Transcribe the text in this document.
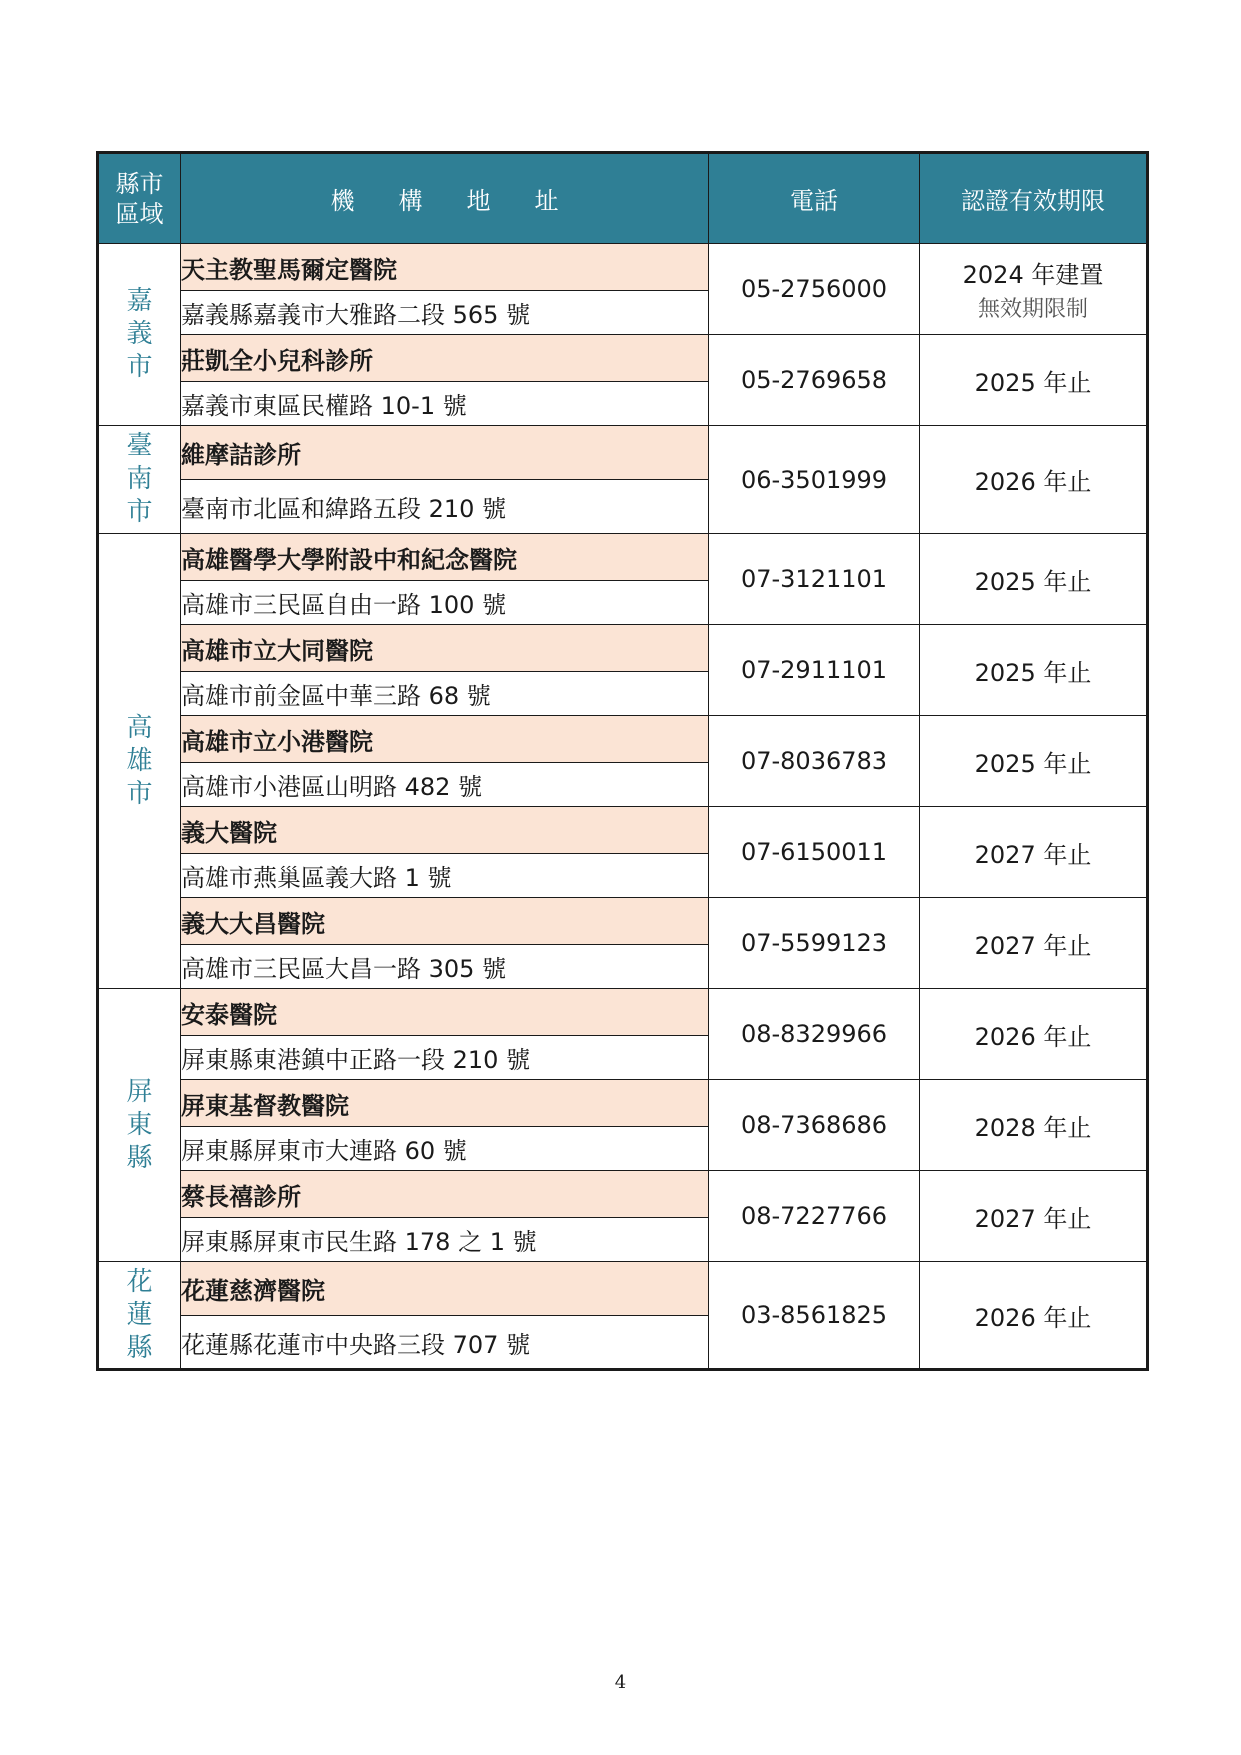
縣市
區域	機構地址	電話	認證有效期限

嘉
義
市	天主教聖馬爾定醫院	05-2756000	2024 年建置
無效期限制

	嘉義縣嘉義市大雅路二段 565 號		
	莊凱全小兒科診所	05-2769658	2025 年止
	嘉義市東區民權路 10-1 號		

臺
南
市	維摩詰診所	06-3501999	2026 年止
	臺南市北區和緯路五段 210 號		

高
雄
市	高雄醫學大學附設中和紀念醫院	07-3121101	2025 年止
	高雄市三民區自由一路 100 號		
	高雄市立大同醫院	07-2911101	2025 年止
	高雄市前金區中華三路 68 號		
	高雄市立小港醫院	07-8036783	2025 年止
	高雄市小港區山明路 482 號		
	義大醫院	07-6150011	2027 年止
	高雄市燕巢區義大路 1 號		
	義大大昌醫院	07-5599123	2027 年止
	高雄市三民區大昌一路 305 號		

屏
東
縣	安泰醫院	08-8329966	2026 年止
	屏東縣東港鎮中正路一段 210 號		
	屏東基督教醫院	08-7368686	2028 年止
	屏東縣屏東市大連路 60 號		
	蔡長禧診所	08-7227766	2027 年止
	屏東縣屏東市民生路 178 之 1 號		

花
蓮
縣	花蓮慈濟醫院	03-8561825	2026 年止
	花蓮縣花蓮市中央路三段 707 號		
4
